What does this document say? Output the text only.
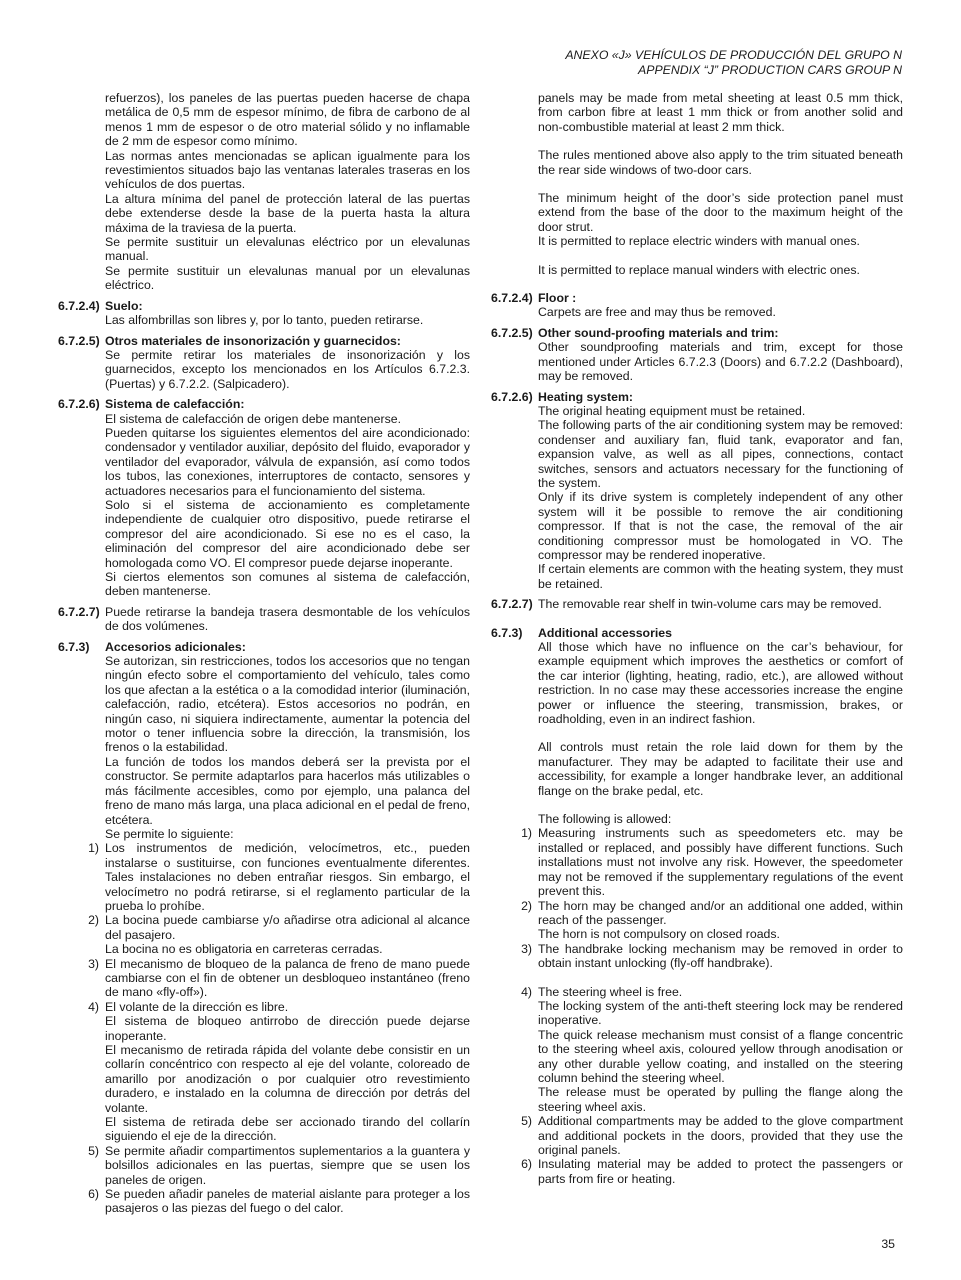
ANEXO «J» VEHÍCULOS DE PRODUCCIÓN DEL GRUPO N
APPENDIX “J” PRODUCTION CARS GROUP N

refuerzos), los paneles de las puertas pueden hacerse de chapa metálica de 0,5 mm de espesor mínimo, de fibra de carbono de al menos 1 mm de espesor o de otro material sólido y no inflamable de 2 mm de espesor como mínimo.

Las normas antes mencionadas se aplican igualmente para los revestimientos situados bajo las ventanas laterales traseras en los vehículos de dos puertas.

La altura mínima del panel de protección lateral de las puertas debe extenderse desde la base de la puerta hasta la altura máxima de la traviesa de la puerta.

Se permite sustituir un elevalunas eléctrico por un elevalunas manual.

Se permite sustituir un elevalunas manual por un elevalunas eléctrico.

6.7.2.4) Suelo:

Las alfombrillas son libres y, por lo tanto, pueden retirarse.

6.7.2.5) Otros materiales de insonorización y guarnecidos:

Se permite retirar los materiales de insonorización y los guarnecidos, excepto los mencionados en los Artículos 6.7.2.3. (Puertas) y 6.7.2.2. (Salpicadero).

6.7.2.6) Sistema de calefacción:

El sistema de calefacción de origen debe mantenerse.

Pueden quitarse los siguientes elementos del aire acondicionado: condensador y ventilador auxiliar, depósito del fluido, evaporador y ventilador del evaporador, válvula de expansión, así como todos los tubos, las conexiones, interruptores de contacto, sensores y actuadores necesarios para el funcionamiento del sistema.

Solo si el sistema de accionamiento es completamente independiente de cualquier otro dispositivo, puede retirarse el compresor del aire acondicionado. Si ese no es el caso, la eliminación del compresor del aire acondicionado debe ser homologada como VO. El compresor puede dejarse inoperante.

Si ciertos elementos son comunes al sistema de calefacción, deben mantenerse.

6.7.2.7) Puede retirarse la bandeja trasera desmontable de los vehículos de dos volúmenes.

6.7.3)	Accesorios adicionales:

Se autorizan, sin restricciones, todos los accesorios que no tengan ningún efecto sobre el comportamiento del vehículo, tales como los que afectan a la estética o a la comodidad interior (iluminación, calefacción, radio, etcétera). Estos accesorios no podrán, en ningún caso, ni siquiera indirectamente, aumentar la potencia del motor o tener influencia sobre la dirección, la transmisión, los frenos o la estabilidad.

La función de todos los mandos deberá ser la prevista por el constructor. Se permite adaptarlos para hacerlos más utilizables o más fácilmente accesibles, como por ejemplo, una palanca del freno de mano más larga, una placa adicional en el pedal de freno, etcétera.

Se permite lo siguiente:

1) Los instrumentos de medición, velocímetros, etc., pueden instalarse o sustituirse, con funciones eventualmente diferentes. Tales instalaciones no deben entrañar riesgos. Sin embargo, el velocímetro no podrá retirarse, si el reglamento particular de la prueba lo prohíbe.

2) La bocina puede cambiarse y/o añadirse otra adicional al alcance del pasajero.

La bocina no es obligatoria en carreteras cerradas.

3) El mecanismo de bloqueo de la palanca de freno de mano puede cambiarse con el fin de obtener un desbloqueo instantáneo (freno de mano «fly-off»).

4) El volante de la dirección es libre.

El sistema de bloqueo antirrobo de dirección puede dejarse inoperante.

El mecanismo de retirada rápida del volante debe consistir en un collarín concéntrico con respecto al eje del volante, coloreado de amarillo por anodización o por cualquier otro revestimiento duradero, e instalado en la columna de dirección por detrás del volante.

El sistema de retirada debe ser accionado tirando del collarín siguiendo el eje de la dirección.

5) Se permite añadir compartimentos suplementarios a la guantera y bolsillos adicionales en las puertas, siempre que se usen los paneles de origen.

6) Se pueden añadir paneles de material aislante para proteger a los pasajeros o las piezas del fuego o del calor.

panels may be made from metal sheeting at least 0.5 mm thick, from carbon fibre at least 1 mm thick or from another solid and non-combustible material at least 2 mm thick.

The rules mentioned above also apply to the trim situated beneath the rear side windows of two-door cars.

The minimum height of the door’s side protection panel must extend from the base of the door to the maximum height of the door strut.

It is permitted to replace electric winders with manual ones.

It is permitted to replace manual winders with electric ones.

6.7.2.4) Floor :

Carpets are free and may thus be removed.

6.7.2.5) Other sound-proofing materials and trim:

Other soundproofing materials and trim, except for those mentioned under Articles 6.7.2.3 (Doors) and 6.7.2.2 (Dashboard), may be removed.

6.7.2.6) Heating system:

The original heating equipment must be retained.

The following parts of the air conditioning system may be removed: condenser and auxiliary fan, fluid tank, evaporator and fan, expansion valve, as well as all pipes, connections, contact switches, sensors and actuators necessary for the functioning of the system.

Only if its drive system is completely independent of any other system will it be possible to remove the air conditioning compressor. If that is not the case, the removal of the air conditioning compressor must be homologated in VO. The compressor may be rendered inoperative.

If certain elements are common with the heating system, they must be retained.

6.7.2.7) The removable rear shelf in twin-volume cars may be removed.

6.7.3)	Additional accessories

All those which have no influence on the car’s behaviour, for example equipment which improves the aesthetics or comfort of the car interior (lighting, heating, radio, etc.), are allowed without restriction. In no case may these accessories increase the engine power or influence the steering, transmission, brakes, or roadholding, even in an indirect fashion.

All controls must retain the role laid down for them by the manufacturer. They may be adapted to facilitate their use and accessibility, for example a longer handbrake lever, an additional flange on the brake pedal, etc.

The following is allowed:

1) Measuring instruments such as speedometers etc. may be installed or replaced, and possibly have different functions. Such installations must not involve any risk. However, the speedometer may not be removed if the supplementary regulations of the event prevent this.

2) The horn may be changed and/or an additional one added, within reach of the passenger.

The horn is not compulsory on closed roads.

3) The handbrake locking mechanism may be removed in order to obtain instant unlocking (fly-off handbrake).

4) The steering wheel is free.

The locking system of the anti-theft steering lock may be rendered inoperative.

The quick release mechanism must consist of a flange concentric to the steering wheel axis, coloured yellow through anodisation or any other durable yellow coating, and installed on the steering column behind the steering wheel.

The release must be operated by pulling the flange along the steering wheel axis.

5) Additional compartments may be added to the glove compartment and additional pockets in the doors, provided that they use the original panels.

6) Insulating material may be added to protect the passengers or parts from fire or heating.

35
